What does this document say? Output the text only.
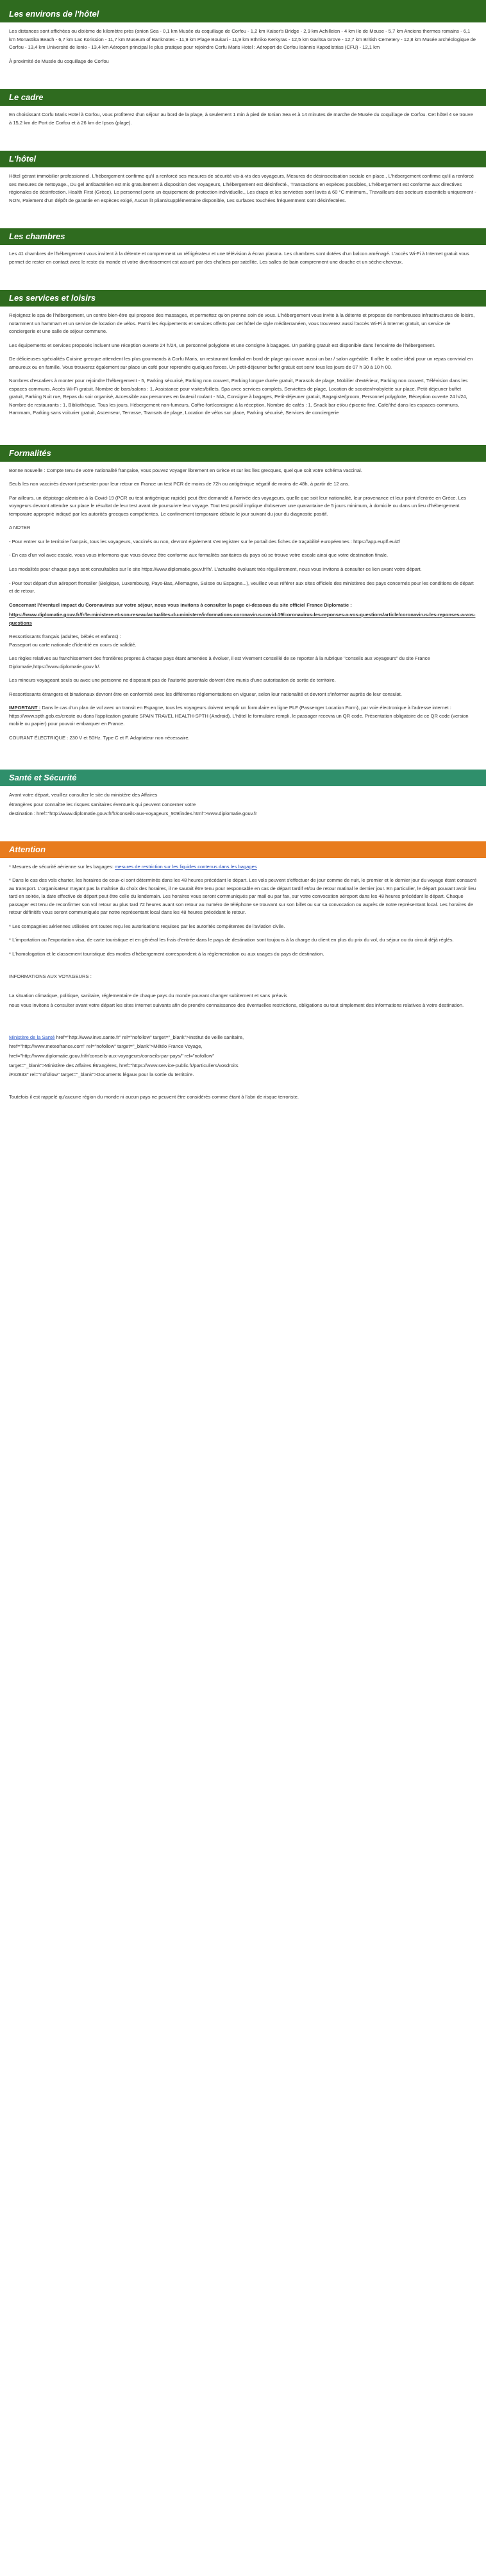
Les environs de l'hôtel

Les distances sont affichées ou dixième de kilomètre près (onion Sea - 0,1 km Musée du coquillage de Corfou - 1,2 km Kaiser's Bridge - 2,9 km Achilleion - 4 km Ile de Mouse - 5,7 km Anciens thermes romains - 6,1 km Monastika Beach - 6,7 km Lac Korission - 11,7 km Museum of Banknotes - 11,9 km Plage Boukari - 11,9 km Ethniko Kerkyras - 12,5 km Garitsa Grove - 12,7 km British Cemetery - 12,8 km Musée archéologique de Corfou - 13,4 km Université de Ionio - 13,4 km Aéroport principal le plus pratique pour rejoindre Corfu Maris Hotel : Aéroport de Corfou Ioánnis Kapodístrias (CFU) - 12,1 km

À proximité de Musée du coquillage de Corfou

Le cadre

En choisissant Corfu Maris Hotel à Corfou, vous profiterez d'un séjour au bord de la plage, à seulement 1 min à pied de Ionian Sea et à 14 minutes de marche de Musée du coquillage de Corfou. Cet hôtel 4 se trouve à 15,2 km de Port de Corfou et à 26 km de Ipsos (plage).

L'hôtel

Hôtel gérant immobilier professionnel. L'hébergement confirme qu'il a renforcé ses mesures de sécurité vis-à-vis des voyageurs, Mesures de désinsectisation sociale en place., L'hébergement confirme qu'il a renforcé ses mesures de nettoyage., Du gel antibactérien est mis gratuitement à disposition des voyageurs, L'hébergement est désinfecté., Transactions en espèces possibles, L'hébergement est conforme aux directives régionales de désinfection. Health First (Grèce), Le personnel porte un équipement de protection individuelle., Les draps et les serviettes sont lavés à 60 °C minimum., Travailleurs des secteurs essentiels uniquement - NON, Paiement d'un dépôt de garantie en espèces exigé, Aucun lit pliant/supplémentaire disponible, Les surfaces touchées fréquemment sont désinfectées.

Les chambres

Les 41 chambres de l'hébergement vous invitent à la détente et comprennent un réfrigérateur et une télévision à écran plasma. Les chambres sont dotées d'un balcon aménagé. L'accès Wi-Fi à Internet gratuit vous permet de rester en contact avec le reste du monde et votre divertissement est assuré par des chaînes par satellite. Les salles de bain comprennent une douche et un sèche-cheveux.

Les services et loisirs

Rejoignez le spa de l'hébergement, un centre bien-être qui propose des massages, et permettez qu'on prenne soin de vous. L'hébergement vous invite à la détente et propose de nombreuses infrastructures de loisirs, notamment un hammam et un service de location de vélos. Parmi les équipements et services offerts par cet hôtel de style méditerranéen, vous trouverez aussi l'accès Wi-Fi à Internet gratuit, un service de conciergerie et une salle de séjour commune.

Les équipements et services proposés incluent une réception ouverte 24 h/24, un personnel polyglotte et une consigne à bagages. Un parking gratuit est disponible dans l'enceinte de l'hébergement.

De délicieuses spécialités Cuisine grecque attendent les plus gourmands à Corfu Maris, un restaurant familial en bord de plage qui ouvre aussi un bar / salon agréable. Il offre le cadre idéal pour un repas convivial en amoureux ou en famille. Vous trouverez également sur place un café pour reprendre quelques forces. Un petit-déjeuner buffet gratuit est servi tous les jours de 07 h 30 à 10 h 00.

Nombres d'escaliers à monter pour rejoindre l'hébergement - 5, Parking sécurisé, Parking non couvert, Parking longue durée gratuit, Parasols de plage, Mobilier d'extérieur, Parking non couvert, Télévision dans les espaces communs, Accès Wi-Fi gratuit, Nombre de bars/salons : 1, Assistance pour visites/billets, Spa avec services complets, Serviettes de plage, Location de scooter/mobylette sur place, Petit-déjeuner buffet gratuit, Parking Nuit rue, Repas du soir organisé, Accessible aux personnes en fauteuil roulant - N/A, Consigne à bagages, Petit-déjeuner gratuit, Bagagiste/groom, Personnel polyglotte, Réception ouverte 24 h/24, Nombre de restaurants : 1, Bibliothèque, Tous les jours, Hébergement non-fumeurs, Coffre-fort/consigne à la réception, Nombre de cafés : 1, Snack bar et/ou épicerie fine, Café/thé dans les espaces communs, Hammam, Parking sans voiturier gratuit, Ascenseur, Terrasse, Transats de plage, Location de vélos sur place, Parking sécurisé, Services de conciergerie

Formalités

Bonne nouvelle : Compte tenu de votre nationalité française, vous pouvez voyager librement en Grèce et sur les îles grecques, quel que soit votre schéma vaccinal.

Seuls les non vaccinés devront présenter pour leur retour en France un test PCR de moins de 72h ou antigénique négatif de moins de 48h, à partir de 12 ans.

Par ailleurs, un dépistage aléatoire à la Covid-19 (PCR ou test antigénique rapide) peut être demandé à l'arrivée des voyageurs, quelle que soit leur nationalité, leur provenance et leur point d'entrée en Grèce. Les voyageurs devront attendre sur place le résultat de leur test avant de poursuivre leur voyage. Tout test positif implique d'observer une quarantaine de 5 jours minimum, à domicile ou dans un lieu d'hébergement temporaire approprié indiqué par les autorités grecques compétentes. Le confinement temporaire débute le jour suivant du jour du diagnostic positif.

A NOTER

- Pour entrer sur le territoire français, tous les voyageurs, vaccinés ou non, devront également s'enregistrer sur le portail des fiches de traçabilité européennes : https://app.euplf.eu/#/

- En cas d'un vol avec escale, vous vous informons que vous devrez être conforme aux formalités sanitaires du pays où se trouve votre escale ainsi que votre destination finale.

Les modalités pour chaque pays sont consultables sur le site https://www.diplomatie.gouv.fr/fr/. L'actualité évoluant très régulièrement, nous vous invitons à consulter ce lien avant votre départ.

- Pour tout départ d'un aéroport frontalier (Belgique, Luxembourg, Pays-Bas, Allemagne, Suisse ou Espagne...), veuillez vous référer aux sites officiels des ministères des pays concernés pour les conditions de départ et de retour.

Concernant l'éventuel impact du Coronavirus sur votre séjour, nous vous invitons à consulter la page ci-dessous du site officiel France Diplomatie :

https://www.diplomatie.gouv.fr/fr/le-ministere-et-son-reseau/actualites-du-ministere/informations-coronavirus-covid-19/coronavirus-les-reponses-a-vos-questions/article/coronavirus-les-reponses-a-vos-questions

Ressortissants français (adultes, bébés et enfants) :

Passeport ou carte nationale d'identité en cours de validité.

Les règles relatives au franchissement des frontières propres à chaque pays étant amenées à évoluer, il est vivement conseillé de se reporter à la rubrique "conseils aux voyageurs" du site France Diplomatie,https://www.diplomatie.gouv.fr/.

Les mineurs voyageant seuls ou avec une personne ne disposant pas de l'autorité parentale doivent être munis d'une autorisation de sortie de territoire.

Ressortissants étrangers et binationaux devront être en conformité avec les différentes réglementations en vigueur, selon leur nationalité et devront s'informer auprès de leur consulat.

IMPORTANT : Dans le cas d'un plan de vol avec un transit en Espagne, tous les voyageurs doivent remplir un formulaire en ligne PLF (Passenger Location Form), par voie électronique à l'adresse internet : https://www.spth.gob.es/create ou dans l'application gratuite SPAIN TRAVEL HEALTH-SPTH (Android). L'hôtel le formulaire rempli, le passager recevra un QR code. Présentation obligatoire de ce QR code (version mobile ou papier) pour pouvoir embarquer en France.

COURANT ÉLECTRIQUE : 230 V et 50Hz. Type C et F. Adaptateur non nécessaire.

Santé et Sécurité

Avant votre départ, veuillez consulter le site du ministère des Affaires

étrangères pour connaître les risques sanitaires éventuels qui peuvent concerner votre

destination : href="http://www.diplomatie.gouv.fr/fr/conseils-aux-voyageurs_909/index.html">www.diplomatie.gouv.fr

Attention

* Mesures de sécurité aérienne sur les bagages: mesures de restriction sur les liquides contenus dans les bagages

* Dans le cas des vols charter, les horaires de ceux-ci sont déterminés dans les 48 heures précédant le départ. Les vols peuvent s'effectuer de jour comme de nuit, le premier et le dernier jour du voyage étant consacré au transport. L'organisateur n'ayant pas la maîtrise du choix des horaires, il ne saurait être tenu pour responsable en cas de départ tardif et/ou de retour matinal le dernier jour. En particulier, le départ pouvant avoir lieu tard en soirée, la date effective de départ peut être celle du lendemain. Les horaires vous seront communiqués par mail ou par fax, sur votre convocation aéroport dans les 48 heures précédant le départ. Chaque passager est tenu de reconfirmer son vol retour au plus tard 72 heures avant son retour au numéro de téléphone se trouvant sur son billet ou sur sa convocation ou auprès de notre représentant local. Les horaires de retour définitifs vous seront communiqués par notre représentant local dans les 48 heures précédant le retour.

* Les compagnies aériennes utilisées ont toutes reçu les autorisations requises par les autorités compétentes de l'aviation civile.

* L'importation ou l'exportation visa, de carte touristique et en général les frais d'entrée dans le pays de destination sont toujours à la charge du client en plus du prix du vol, du séjour ou du circuit déjà réglés.

* L'homologation et le classement touristique des modes d'hébergement correspondent à la réglementation ou aux usages du pays de destination.

INFORMATIONS AUX VOYAGEURS :

La situation climatique, politique, sanitaire, réglementaire de chaque pays du monde pouvant changer subitement et sans préavis

nous vous invitons à consulter avant votre départ les sites Internet suivants afin de prendre connaissance des éventuelles restrictions, obligations ou tout simplement des informations relatives à votre destination.

Ministère de la Santé href="http://www.invs.sante.fr" rel="nofollow" target="_blank">Institut de veille sanitaire,

href="http://www.meteofrance.com" rel="nofollow" target="_blank">Météo France Voyage,

href="http://www.diplomatie.gouv.fr/fr/conseils-aux-voyageurs/conseils-par-pays/" rel="nofollow"

target="_blank">Ministère des Affaires Étrangères, href="https://www.service-public.fr/particuliers/vosdroits

/F32833" rel="nofollow" target="_blank">Documents légaux pour la sortie du territoire.

Toutefois il est rappelé qu'aucune région du monde ni aucun pays ne peuvent être considérés comme étant à l'abri de risque terroriste.
